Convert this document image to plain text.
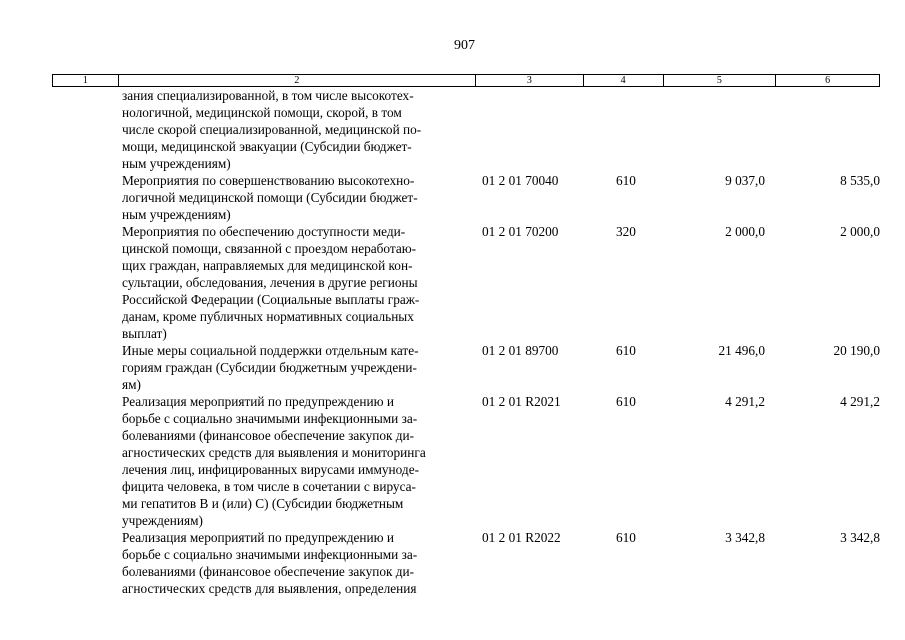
907
1	2	3	4	5	6
зания специализированной, в том числе высокотех-
нологичной, медицинской помощи, скорой, в том
числе скорой специализированной, медицинской по-
мощи, медицинской эвакуации (Субсидии бюджет-
ным учреждениям)
Мероприятия по совершенствованию высокотехно-
логичной медицинской помощи (Субсидии бюджет-
ным учреждениям)
01 2 01 70040	610	9 037,0	8 535,0
Мероприятия по обеспечению доступности меди-
цинской помощи, связанной с проездом неработаю-
щих граждан, направляемых для медицинской кон-
сультации, обследования, лечения в другие регионы
Российской Федерации (Социальные выплаты граж-
данам, кроме публичных нормативных социальных
выплат)
01 2 01 70200	320	2 000,0	2 000,0
Иные меры социальной поддержки отдельным кате-
гориям граждан (Субсидии бюджетным учреждени-
ям)
01 2 01 89700	610	21 496,0	20 190,0
Реализация мероприятий по предупреждению и
борьбе с социально значимыми инфекционными за-
болеваниями (финансовое обеспечение закупок ди-
агностических средств для выявления и мониторинга
лечения лиц, инфицированных вирусами иммуноде-
фицита человека, в том числе в сочетании с вируса-
ми гепатитов В и (или) С) (Субсидии бюджетным
учреждениям)
01 2 01 R2021	610	4 291,2	4 291,2
Реализация мероприятий по предупреждению и
борьбе с социально значимыми инфекционными за-
болеваниями (финансовое обеспечение закупок ди-
агностических средств для выявления, определения
01 2 01 R2022	610	3 342,8	3 342,8
